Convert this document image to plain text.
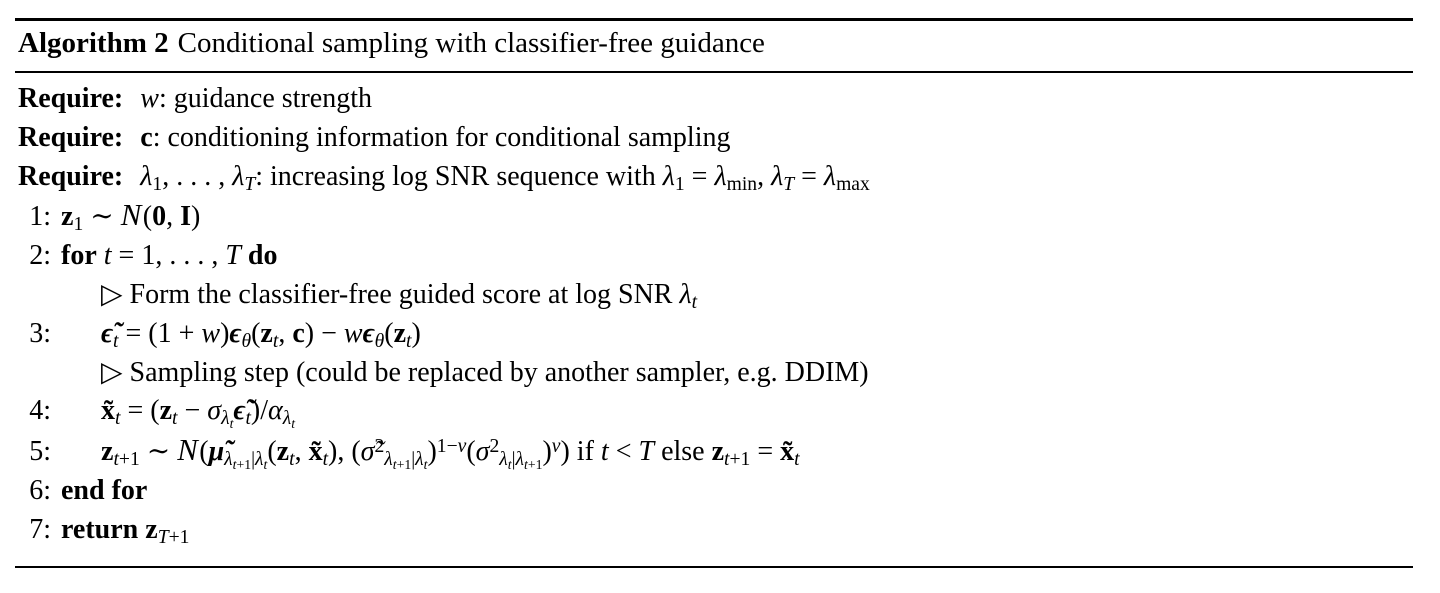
Algorithm 2 Conditional sampling with classifier-free guidance
Require: w: guidance strength
Require: c: conditioning information for conditional sampling
Require: $\lambda_1$, . . . , $\lambda_T$: increasing log SNR sequence with $\lambda_1 = \lambda_{min}$, $\lambda_T = \lambda_{max}$
1: $z_1$ ∼ N(0, I)
2: for t = 1, . . . , T do
▷ Form the classifier-free guided score at log SNR $\lambda_t$
3:	$\epsiloñ_t = (1 + w)\epsilon_\theta(z_t$, $c) - w\epsilon_\theta(z_t)$
▷ Sampling step (could be replaced by another sampler, e.g. DDIM)
4:	$x̃_t = (z_t$ − $\sigma_{\lambda_t}\epsiloñ_t)/\alpha_{\lambda_t}$
5:	$z_{t+1}$ ∼ $N(\mũ_{\lambda_{t+1}|\lambda_t}(z_t$, $x̃_t$), $(\sigmã^2_{\lambda_{t+1}|\lambda_t})^{1-v}(\sigma^2_{\lambda_t|\lambda_{t+1}})^v$) if t < T else $z_{t+1}$ = $x̃_t$
6: end for
7: return $z_{T+1}$
